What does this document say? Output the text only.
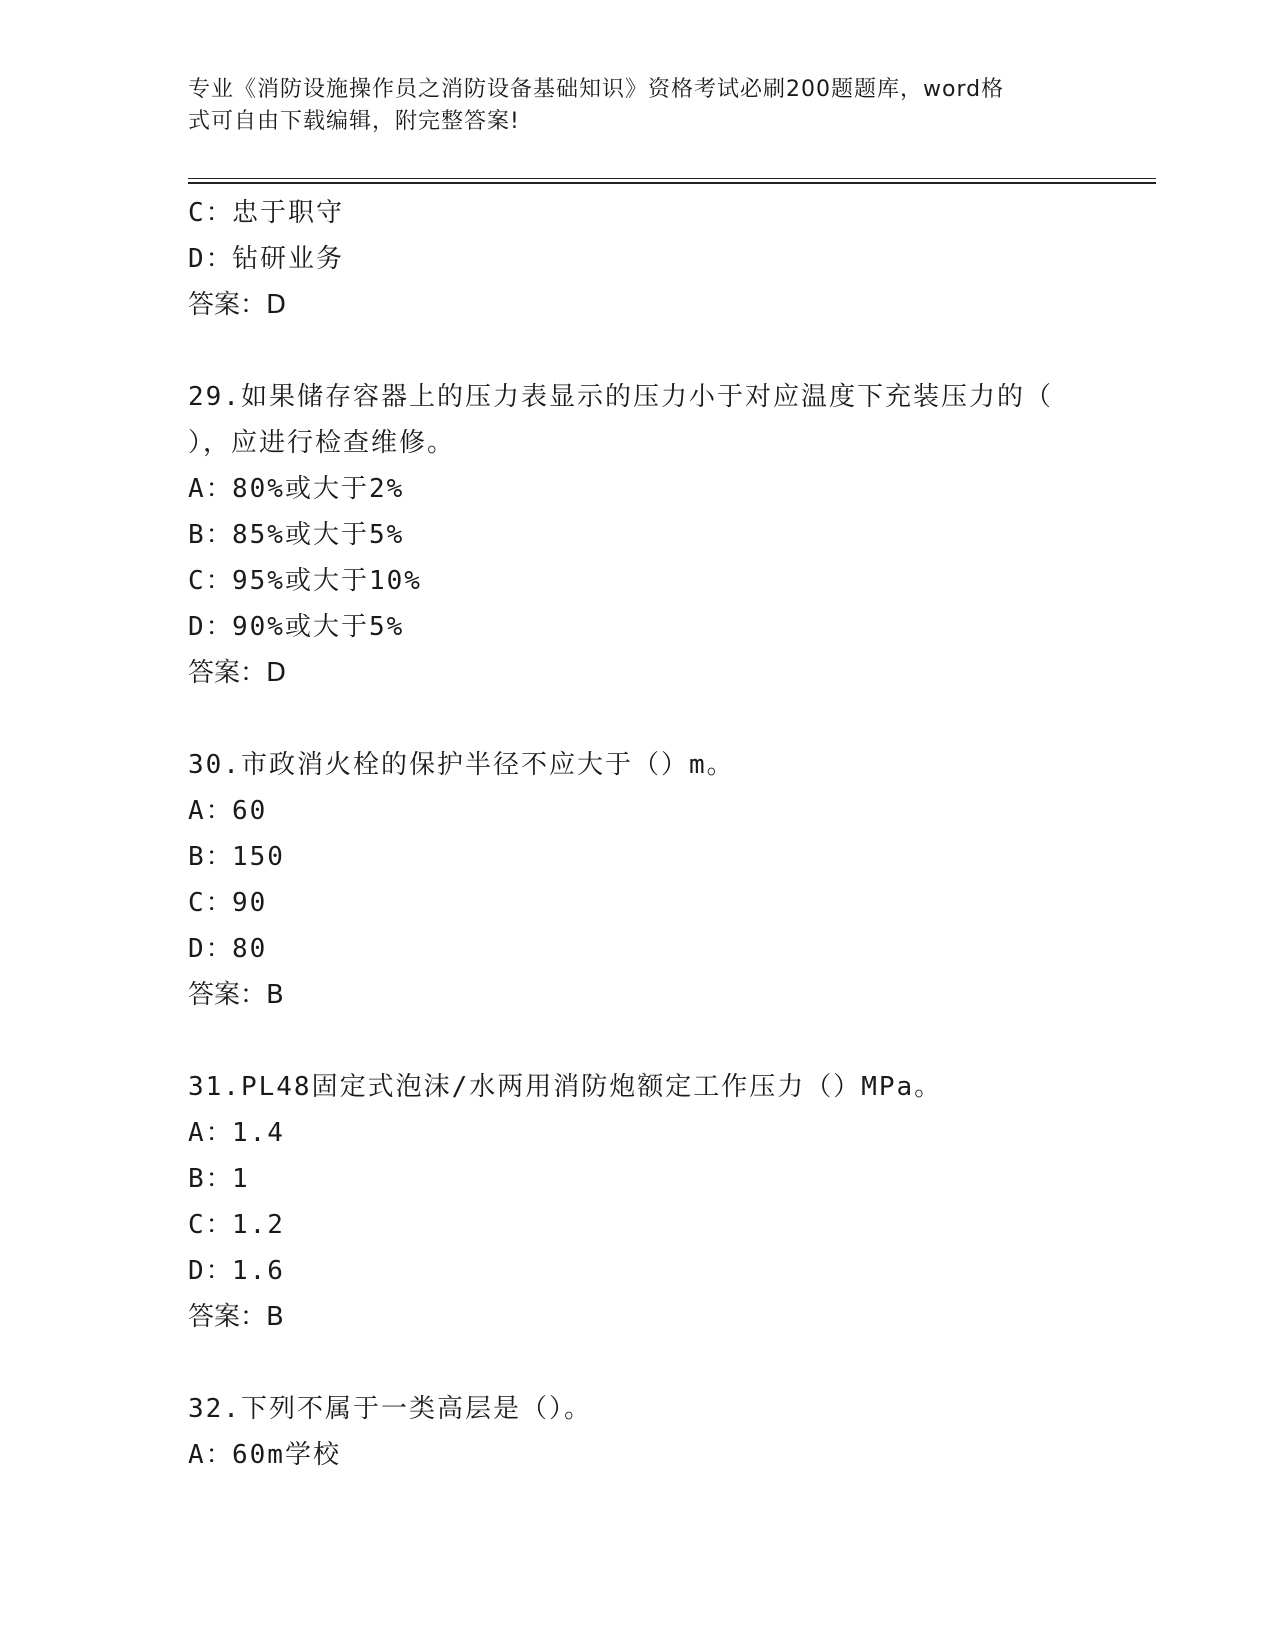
专业《消防设施操作员之消防设备基础知识》资格考试必刷200题题库，word格
式可自由下载编辑，附完整答案!
C：忠于职守
D：钻研业务
答案：D
29.如果储存容器上的压力表显示的压力小于对应温度下充装压力的（
），应进行检查维修。
A：80%或大于2%
B：85%或大于5%
C：95%或大于10%
D：90%或大于5%
答案：D
30.市政消火栓的保护半径不应大于（）m。
A：60
B：150
C：90
D：80
答案：B
31.PL48固定式泡沫/水两用消防炮额定工作压力（）MPa。
A：1.4
B：1
C：1.2
D：1.6
答案：B
32.下列不属于一类高层是（）。
A：60m学校
